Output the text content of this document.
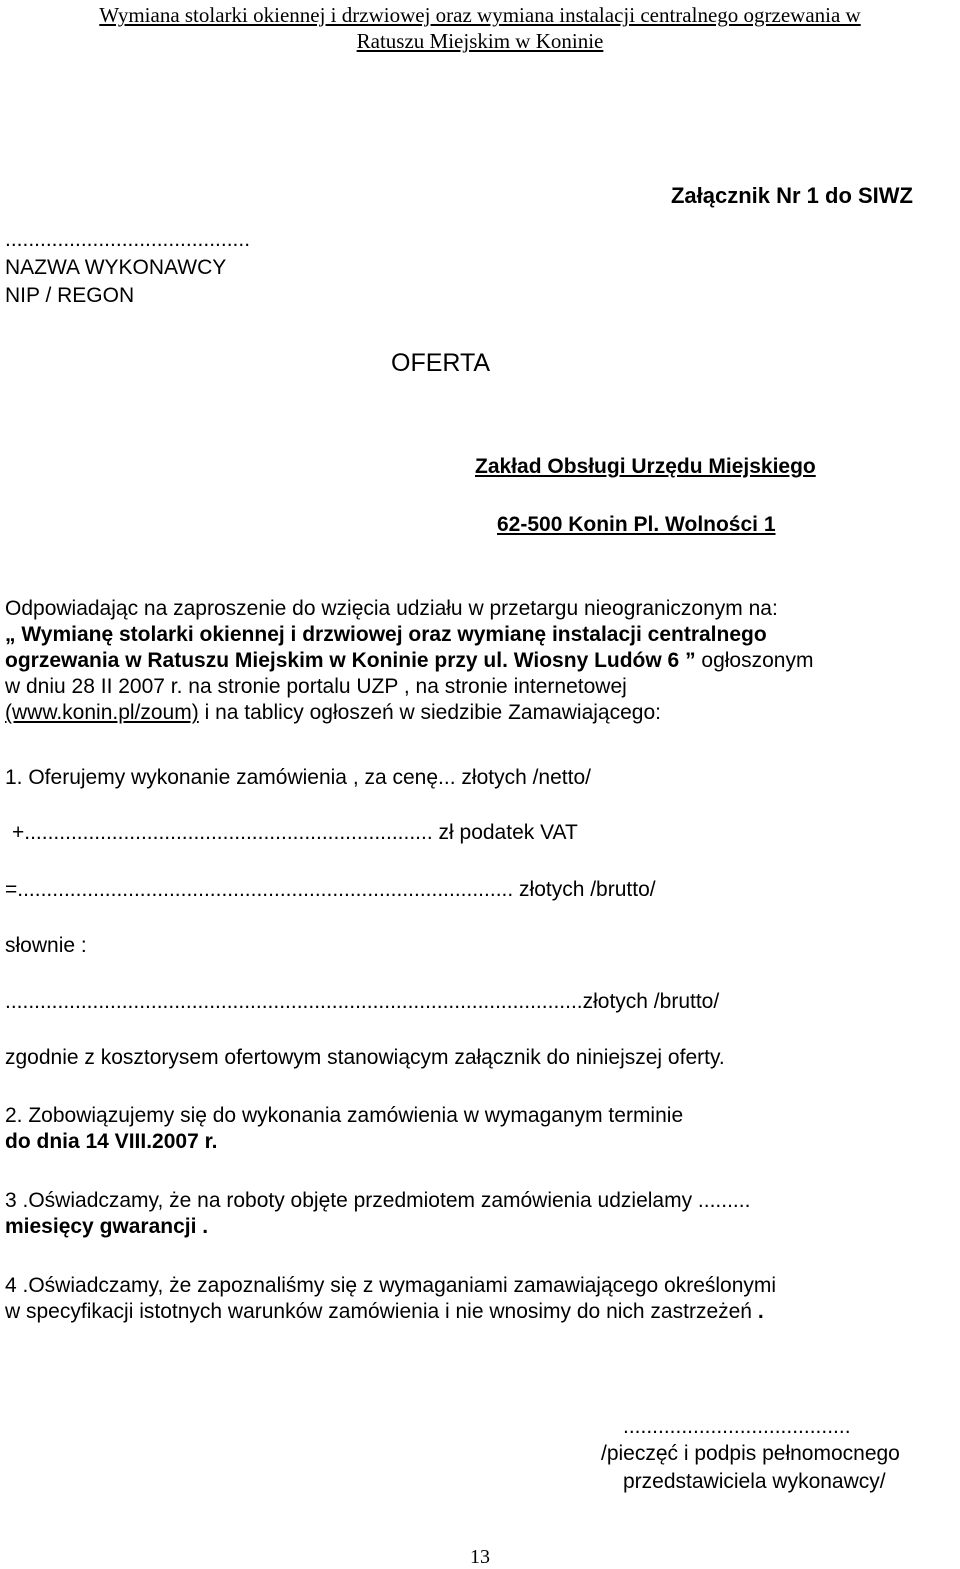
Wymiana stolarki okiennej i drzwiowej oraz wymiana instalacji centralnego ogrzewania w
Ratuszu Miejskim w Koninie
Załącznik Nr 1 do SIWZ
..........................................
NAZWA WYKONAWCY
NIP / REGON
OFERTA
Zakład Obsługi Urzędu Miejskiego
62-500 Konin Pl. Wolności 1
Odpowiadając na zaproszenie do wzięcia udziału w przetargu nieograniczonym na:
„ Wymianę stolarki okiennej i drzwiowej oraz wymianę instalacji centralnego
ogrzewania w Ratuszu Miejskim w Koninie przy ul. Wiosny Ludów 6 ” ogłoszonym
w dniu 28 II 2007 r. na stronie portalu UZP , na stronie internetowej
(www.konin.pl/zoum) i na tablicy ogłoszeń w siedzibie Zamawiającego:
1. Oferujemy wykonanie zamówienia , za cenę... złotych /netto/
+...................................................................... zł podatek VAT
=..................................................................................... złotych /brutto/
słownie :
...................................................................................................złotych /brutto/
zgodnie z kosztorysem ofertowym stanowiącym załącznik do niniejszej oferty.
2. Zobowiązujemy się do wykonania zamówienia w wymaganym terminie
do dnia 14 VIII.2007 r.
3 .Oświadczamy, że na roboty objęte przedmiotem zamówienia udzielamy .........
miesięcy gwarancji .
4 .Oświadczamy, że zapoznaliśmy się z wymaganiami zamawiającego określonymi
w specyfikacji istotnych warunków zamówienia i nie wnosimy do nich zastrzeżeń .
.......................................
/pieczęć i podpis pełnomocnego
przedstawiciela wykonawcy/
13
